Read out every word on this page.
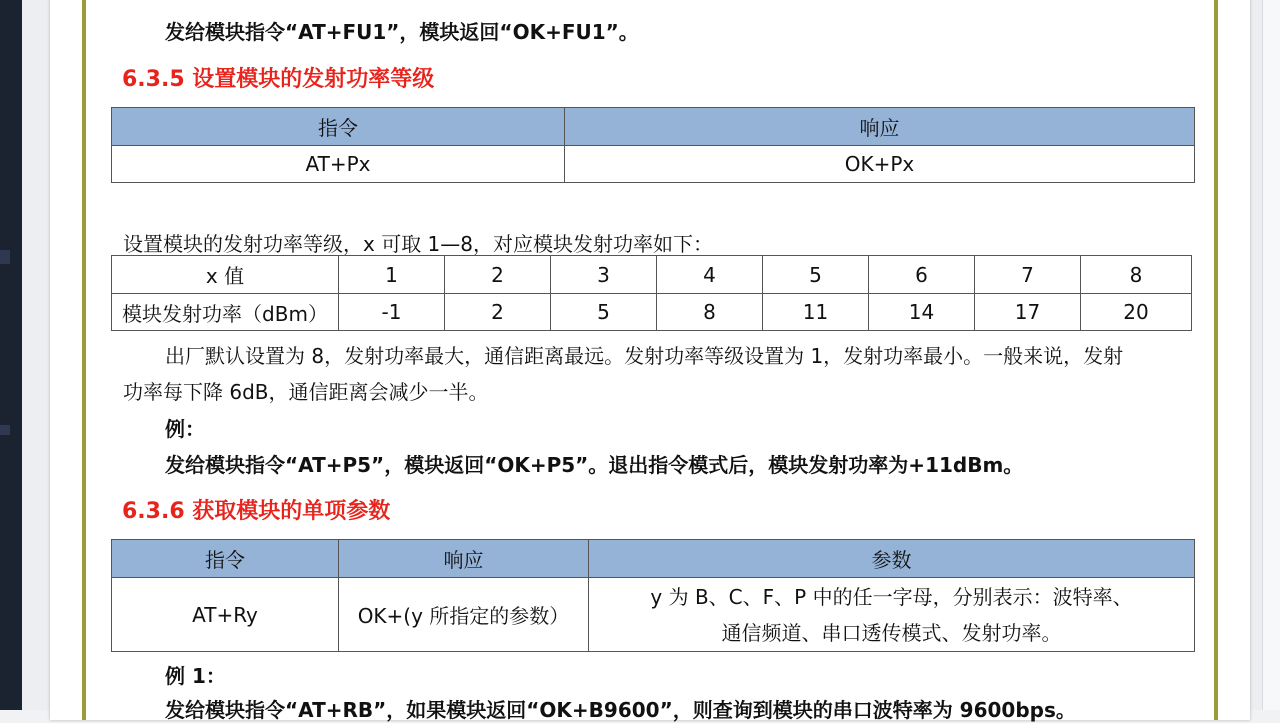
发给模块指令“AT+FU1”，模块返回“OK+FU1”。
6.3.5 设置模块的发射功率等级
指令	响应
AT+Px	OK+Px
设置模块的发射功率等级，x 可取 1—8，对应模块发射功率如下：
x 值	1	2	3	4	5	6	7	8
模块发射功率（dBm）	-1	2	5	8	11	14	17	20
出厂默认设置为 8，发射功率最大，通信距离最远。发射功率等级设置为 1，发射功率最小。一般来说，发射
功率每下降 6dB，通信距离会减少一半。
例：
发给模块指令“AT+P5”，模块返回“OK+P5”。退出指令模式后，模块发射功率为+11dBm。
6.3.6 获取模块的单项参数
指令	响应	参数
AT+Ry	OK+(y 所指定的参数）	y 为 B、C、F、P 中的任一字母，分别表示：波特率、
通信频道、串口透传模式、发射功率。
例 1：
发给模块指令“AT+RB”，如果模块返回“OK+B9600”，则查询到模块的串口波特率为 9600bps。
